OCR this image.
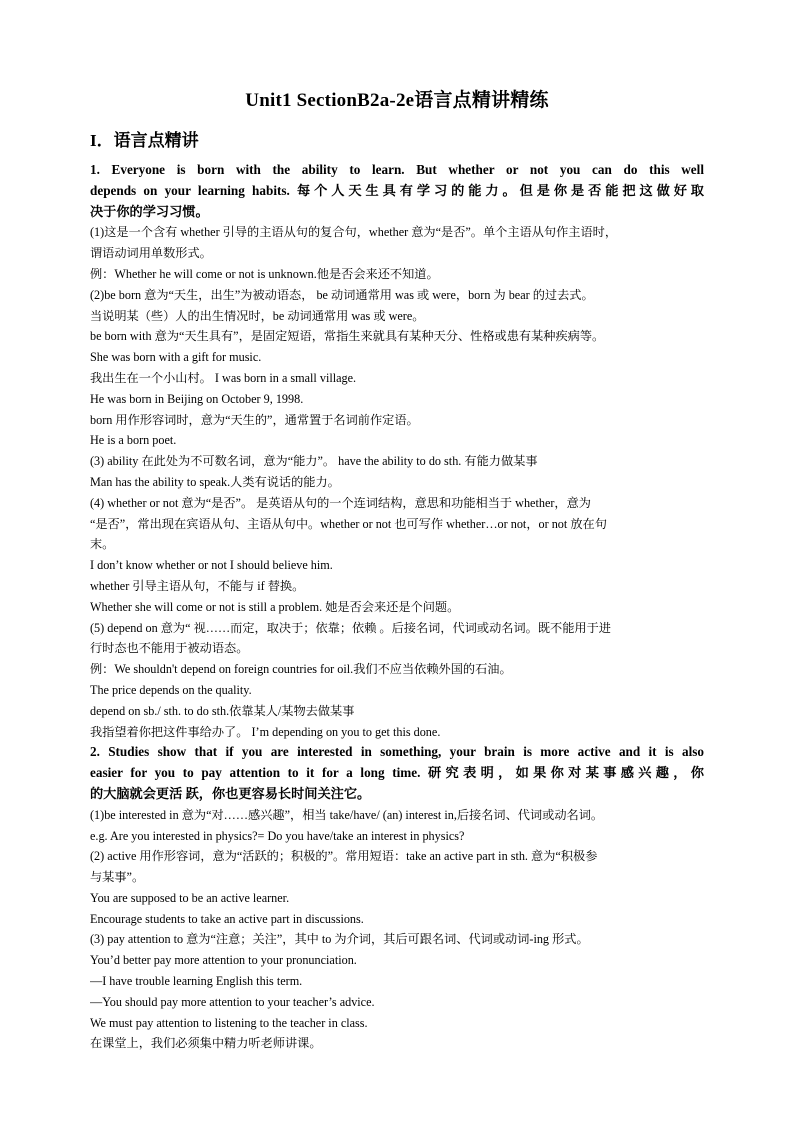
Unit1 SectionB2a-2e语言点精讲精练
I．语言点精讲
1. Everyone is born with the ability to learn. But whether or not you can do this well
depends on your learning habits. 每个人天生具有学习的能力。但是你是否能把这做好取
决于你的学习习惯。
(1)这是一个含有 whether 引导的主语从句的复合句，whether 意为“是否”。单个主语从句作主语时，
谓语动词用单数形式。
例：Whether he will come or not is unknown.他是否会来还不知道。
(2)be born 意为“天生，出生”为被动语态， be 动词通常用 was 或 were，born 为 bear 的过去式。
当说明某（些）人的出生情况时，be 动词通常用 was 或 were。
be born with 意为“天生具有”，是固定短语，常指生来就具有某种天分、性格或患有某种疾病等。
She was born with a gift for music.
我出生在一个小山村。 I was born in a small village.
He was born in Beijing on October 9, 1998.
born 用作形容词时，意为“天生的”，通常置于名词前作定语。
He is a born poet.
(3) ability 在此处为不可数名词，意为“能力”。 have the ability to do sth. 有能力做某事
Man has the ability to speak.人类有说话的能力。
(4) whether or not 意为“是否”。 是英语从句的一个连词结构，意思和功能相当于 whether，意为
“是否”，常出现在宾语从句、主语从句中。whether or not 也可写作 whether…or not，or not 放在句
末。
I don’t know whether or not I should believe him.
whether 引导主语从句，不能与 if 替换。
Whether she will come or not is still a problem. 她是否会来还是个问题。
(5) depend on 意为“ 视……而定，取决于；依靠；依赖 。后接名词，代词或动名词。既不能用于进
行时态也不能用于被动语态。
例：We shouldn't depend on foreign countries for oil.我们不应当依赖外国的石油。
The price depends on the quality.
depend on sb./ sth. to do sth.依靠某人/某物去做某事
我指望着你把这件事给办了。 I’m depending on you to get this done.
2. Studies show that if you are interested in something, your brain is more active and it is also
easier for you to pay attention to it for a long time. 研究表明，如果你对某事感兴趣，你
的大脑就会更活 跃，你也更容易长时间关注它。
(1)be interested in 意为“对……感兴趣”，相当 take/have/ (an) interest in,后接名词、代词或动名词。
e.g. Are you interested in physics?= Do you have/take an interest in physics?
(2) active 用作形容词，意为“活跃的；积极的”。常用短语：take an active part in sth. 意为“积极参
与某事”。
You are supposed to be an active learner.
Encourage students to take an active part in discussions.
(3) pay attention to 意为“注意；关注”，其中 to 为介词，其后可跟名词、代词或动词-ing 形式。
You’d better pay more attention to your pronunciation.
—I have trouble learning English this term.
—You should pay more attention to your teacher’s advice.
We must pay attention to listening to the teacher in class.
在课堂上，我们必须集中精力听老师讲课。
